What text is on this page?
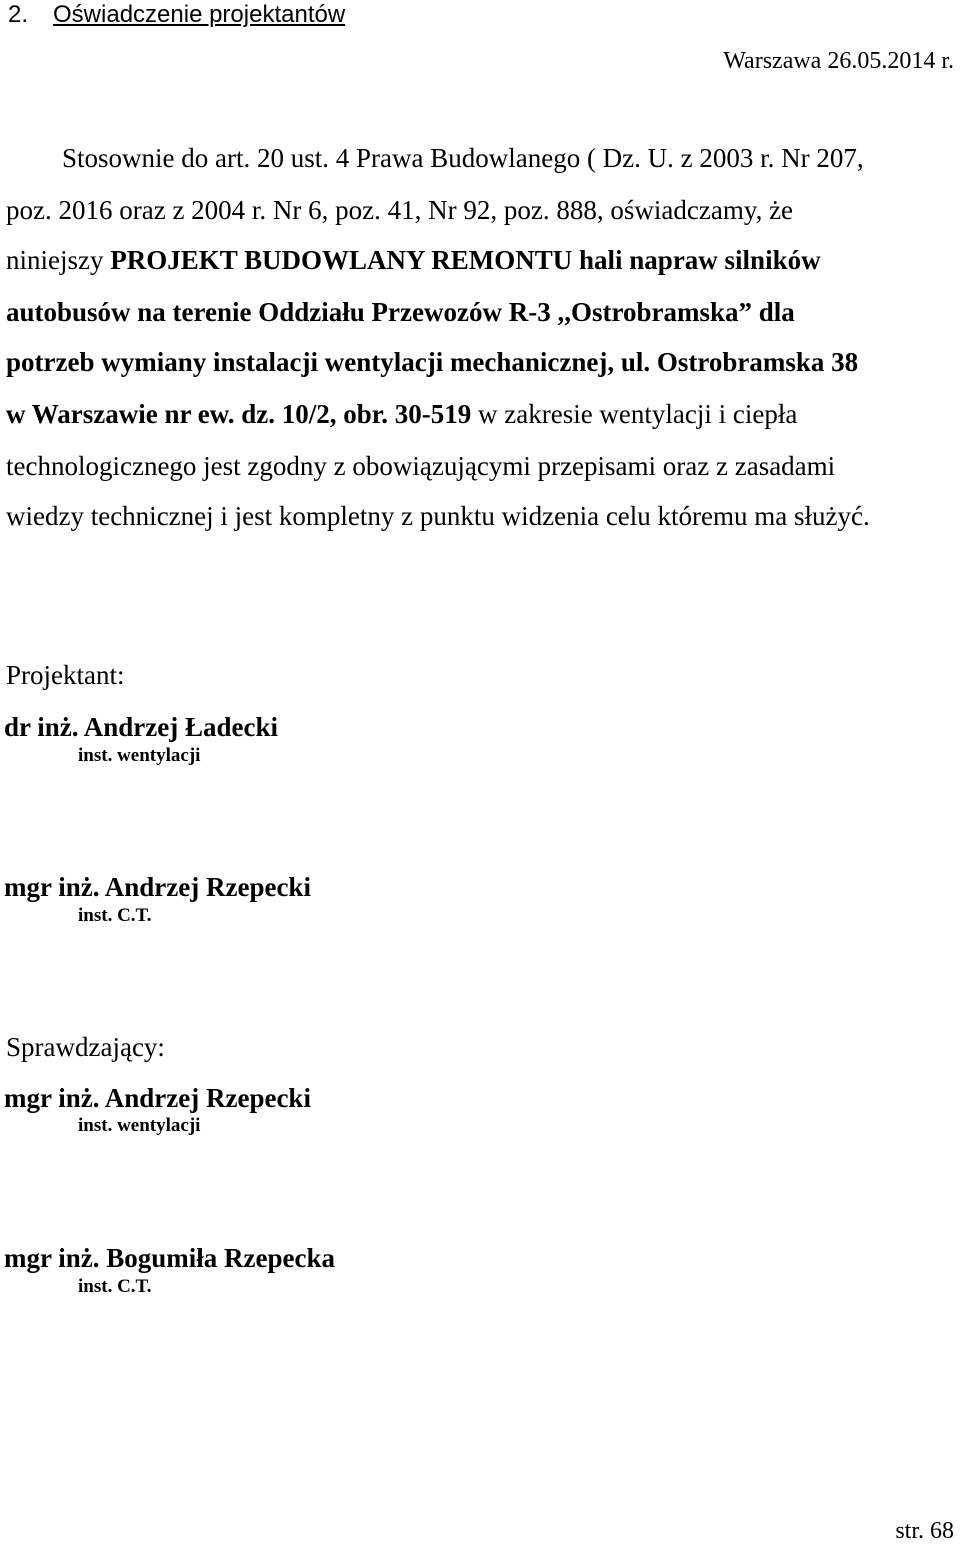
2. Oświadczenie projektantów
Warszawa 26.05.2014 r.
Stosownie do art. 20 ust. 4 Prawa Budowlanego ( Dz. U. z 2003 r. Nr 207,
poz. 2016 oraz z 2004 r. Nr 6, poz. 41, Nr 92, poz. 888, oświadczamy, że
niniejszy PROJEKT BUDOWLANY REMONTU hali napraw silników
autobusów na terenie Oddziału Przewozów R-3 ,,Ostrobramska” dla
potrzeb wymiany instalacji wentylacji mechanicznej, ul. Ostrobramska 38
w Warszawie nr ew. dz. 10/2, obr. 30-519 w zakresie wentylacji i ciepła
technologicznego jest zgodny z obowiązującymi przepisami oraz z zasadami
wiedzy technicznej i jest kompletny z punktu widzenia celu któremu ma służyć.
Projektant:
dr inż. Andrzej Ładecki
inst. wentylacji
mgr inż. Andrzej Rzepecki
inst. C.T.
Sprawdzający:
mgr inż. Andrzej Rzepecki
inst. wentylacji
mgr inż. Bogumiła Rzepecka
inst. C.T.
str. 68
